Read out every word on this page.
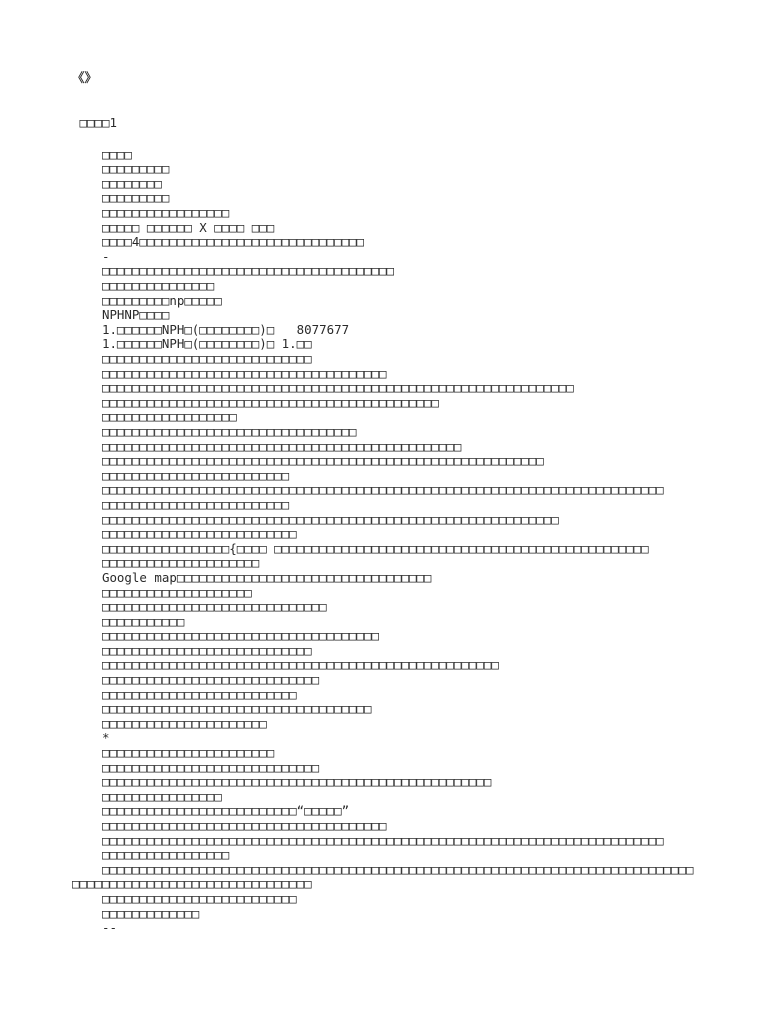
《》
□□□□1
□□□□
□□□□□□□□□
□□□□□□□□
□□□□□□□□□
□□□□□□□□□□□□□□□□□
□□□□□ □□□□□□ X □□□□ □□□
□□□□4□□□□□□□□□□□□□□□□□□□□□□□□□□□□□□
-
□□□□□□□□□□□□□□□□□□□□□□□□□□□□□□□□□□□□□□□
□□□□□□□□□□□□□□□
□□□□□□□□□np□□□□□
NPHNP□□□□
1.□□□□□□NPH□(□□□□□□□□)□   8077677
1.□□□□□□NPH□(□□□□□□□□)□ 1.□□
□□□□□□□□□□□□□□□□□□□□□□□□□□□□
□□□□□□□□□□□□□□□□□□□□□□□□□□□□□□□□□□□□□□
□□□□□□□□□□□□□□□□□□□□□□□□□□□□□□□□□□□□□□□□□□□□□□□□□□□□□□□□□□□□□□□
□□□□□□□□□□□□□□□□□□□□□□□□□□□□□□□□□□□□□□□□□□□□□
□□□□□□□□□□□□□□□□□□
□□□□□□□□□□□□□□□□□□□□□□□□□□□□□□□□□□
□□□□□□□□□□□□□□□□□□□□□□□□□□□□□□□□□□□□□□□□□□□□□□□□
□□□□□□□□□□□□□□□□□□□□□□□□□□□□□□□□□□□□□□□□□□□□□□□□□□□□□□□□□□□
□□□□□□□□□□□□□□□□□□□□□□□□□
□□□□□□□□□□□□□□□□□□□□□□□□□□□□□□□□□□□□□□□□□□□□□□□□□□□□□□□□□□□□□□□□□□□□□□□□□□□
□□□□□□□□□□□□□□□□□□□□□□□□□
□□□□□□□□□□□□□□□□□□□□□□□□□□□□□□□□□□□□□□□□□□□□□□□□□□□□□□□□□□□□□
□□□□□□□□□□□□□□□□□□□□□□□□□□
□□□□□□□□□□□□□□□□□{□□□□ □□□□□□□□□□□□□□□□□□□□□□□□□□□□□□□□□□□□□□□□□□□□□□□□□□
□□□□□□□□□□□□□□□□□□□□□
Google map□□□□□□□□□□□□□□□□□□□□□□□□□□□□□□□□□□
□□□□□□□□□□□□□□□□□□□□
□□□□□□□□□□□□□□□□□□□□□□□□□□□□□□
□□□□□□□□□□□
□□□□□□□□□□□□□□□□□□□□□□□□□□□□□□□□□□□□□
□□□□□□□□□□□□□□□□□□□□□□□□□□□□
□□□□□□□□□□□□□□□□□□□□□□□□□□□□□□□□□□□□□□□□□□□□□□□□□□□□□
□□□□□□□□□□□□□□□□□□□□□□□□□□□□□
□□□□□□□□□□□□□□□□□□□□□□□□□□
□□□□□□□□□□□□□□□□□□□□□□□□□□□□□□□□□□□□
□□□□□□□□□□□□□□□□□□□□□□
*
□□□□□□□□□□□□□□□□□□□□□□□
□□□□□□□□□□□□□□□□□□□□□□□□□□□□□
□□□□□□□□□□□□□□□□□□□□□□□□□□□□□□□□□□□□□□□□□□□□□□□□□□□□
□□□□□□□□□□□□□□□□
□□□□□□□□□□□□□□□□□□□□□□□□□□“□□□□□”
□□□□□□□□□□□□□□□□□□□□□□□□□□□□□□□□□□□□□□
□□□□□□□□□□□□□□□□□□□□□□□□□□□□□□□□□□□□□□□□□□□□□□□□□□□□□□□□□□□□□□□□□□□□□□□□□□□
□□□□□□□□□□□□□□□□□
□□□□□□□□□□□□□□□□□□□□□□□□□□□□□□□□□□□□□□□□□□□□□□□□□□□□□□□□□□□□□□□□□□□□□□□□□□□□□□□□□□□□□□□□□□□□□□□□□□□□□□□□□□□□□□□
□□□□□□□□□□□□□□□□□□□□□□□□□□
□□□□□□□□□□□□□
--
